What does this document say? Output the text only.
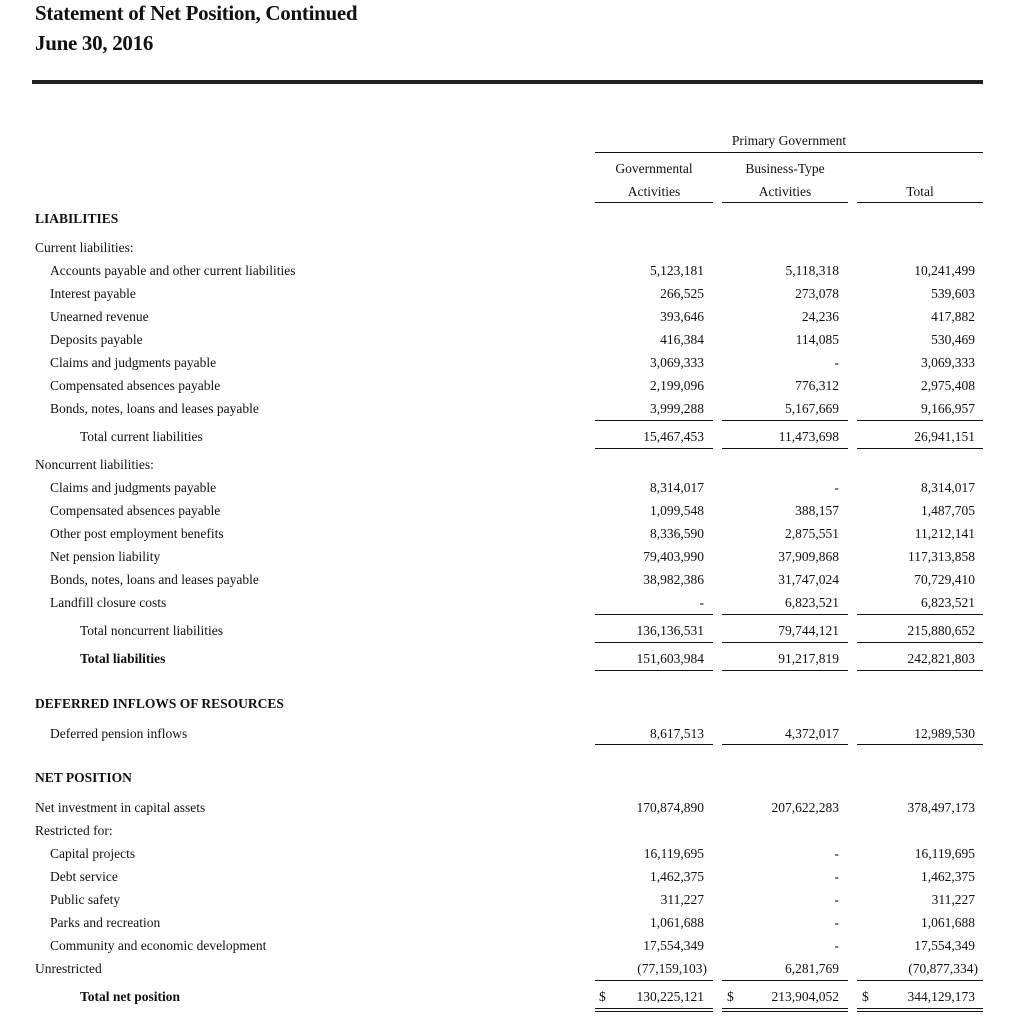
Statement of Net Position, Continued
June 30, 2016
Primary Government
Governmental
Activities
Business-Type
Activities	Total
LIABILITIES
Current liabilities:
Accounts payable and other current liabilities	5,123,181	5,118,318	10,241,499
Interest payable	266,525	273,078	539,603
Unearned revenue	393,646	24,236	417,882
Deposits payable	416,384	114,085	530,469
Claims and judgments payable	3,069,333	-	3,069,333
Compensated absences payable	2,199,096	776,312	2,975,408
Bonds, notes, loans and leases payable	3,999,288	5,167,669	9,166,957
Total current liabilities	15,467,453	11,473,698	26,941,151
Noncurrent liabilities:
Claims and judgments payable	8,314,017	-	8,314,017
Compensated absences payable	1,099,548	388,157	1,487,705
Other post employment benefits	8,336,590	2,875,551	11,212,141
Net pension liability	79,403,990	37,909,868	117,313,858
Bonds, notes, loans and leases payable	38,982,386	31,747,024	70,729,410
Landfill closure costs	-	6,823,521	6,823,521
Total noncurrent liabilities	136,136,531	79,744,121	215,880,652
Total liabilities	151,603,984	91,217,819	242,821,803
DEFERRED INFLOWS OF RESOURCES
Deferred pension inflows	8,617,513	4,372,017	12,989,530
NET POSITION
Net investment in capital assets	170,874,890	207,622,283	378,497,173
Restricted for:
Capital projects	16,119,695	-	16,119,695
Debt service	1,462,375	-	1,462,375
Public safety	311,227	-	311,227
Parks and recreation	1,061,688	-	1,061,688
Community and economic development	17,554,349	-	17,554,349
Unrestricted	(77,159,103)	6,281,769	(70,877,334)
Total net position	$	130,225,121 $	213,904,052 $	344,129,173
